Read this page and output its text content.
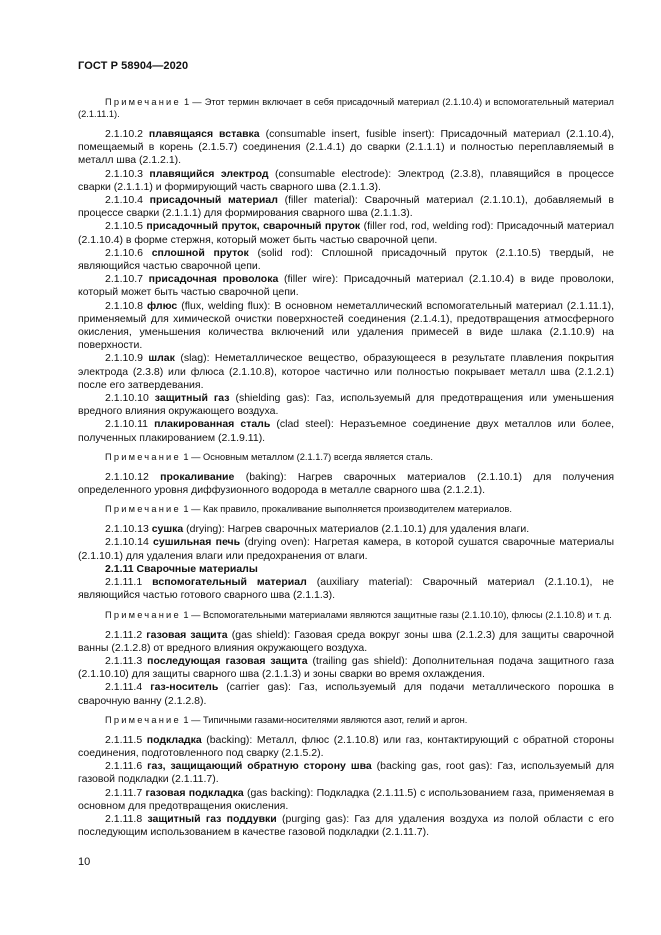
ГОСТ Р 58904—2020

Примечание 1 — Этот термин включает в себя присадочный материал (2.1.10.4) и вспомогательный материал (2.1.11.1).

2.1.10.2 плавящаяся вставка (consumable insert, fusible insert): Присадочный материал (2.1.10.4), помещаемый в корень (2.1.5.7) соединения (2.1.4.1) до сварки (2.1.1.1) и полностью переплавляемый в металл шва (2.1.2.1).

2.1.10.3 плавящийся электрод (consumable electrode): Электрод (2.3.8), плавящийся в процессе сварки (2.1.1.1) и формирующий часть сварного шва (2.1.1.3).

2.1.10.4 присадочный материал (filler material): Сварочный материал (2.1.10.1), добавляемый в процессе сварки (2.1.1.1) для формирования сварного шва (2.1.1.3).

2.1.10.5 присадочный пруток, сварочный пруток (filler rod, rod, welding rod): Присадочный материал (2.1.10.4) в форме стержня, который может быть частью сварочной цепи.

2.1.10.6 сплошной пруток (solid rod): Сплошной присадочный пруток (2.1.10.5) твердый, не являющийся частью сварочной цепи.

2.1.10.7 присадочная проволока (filler wire): Присадочный материал (2.1.10.4) в виде проволоки, который может быть частью сварочной цепи.

2.1.10.8 флюс (flux, welding flux): В основном неметаллический вспомогательный материал (2.1.11.1), применяемый для химической очистки поверхностей соединения (2.1.4.1), предотвращения атмосферного окисления, уменьшения количества включений или удаления примесей в виде шлака (2.1.10.9) на поверхности.

2.1.10.9 шлак (slag): Неметаллическое вещество, образующееся в результате плавления покрытия электрода (2.3.8) или флюса (2.1.10.8), которое частично или полностью покрывает металл шва (2.1.2.1) после его затвердевания.

2.1.10.10 защитный газ (shielding gas): Газ, используемый для предотвращения или уменьшения вредного влияния окружающего воздуха.

2.1.10.11 плакированная сталь (clad steel): Неразъемное соединение двух металлов или более, полученных плакированием (2.1.9.11).

Примечание 1 — Основным металлом (2.1.1.7) всегда является сталь.

2.1.10.12 прокаливание (baking): Нагрев сварочных материалов (2.1.10.1) для получения определенного уровня диффузионного водорода в металле сварного шва (2.1.2.1).

Примечание 1 — Как правило, прокаливание выполняется производителем материалов.

2.1.10.13 сушка (drying): Нагрев сварочных материалов (2.1.10.1) для удаления влаги.

2.1.10.14 сушильная печь (drying oven): Нагретая камера, в которой сушатся сварочные материалы (2.1.10.1) для удаления влаги или предохранения от влаги.

2.1.11 Сварочные материалы

2.1.11.1 вспомогательный материал (auxiliary material): Сварочный материал (2.1.10.1), не являющийся частью готового сварного шва (2.1.1.3).

Примечание 1 — Вспомогательными материалами являются защитные газы (2.1.10.10), флюсы (2.1.10.8) и т. д.

2.1.11.2 газовая защита (gas shield): Газовая среда вокруг зоны шва (2.1.2.3) для защиты сварочной ванны (2.1.2.8) от вредного влияния окружающего воздуха.

2.1.11.3 последующая газовая защита (trailing gas shield): Дополнительная подача защитного газа (2.1.10.10) для защиты сварного шва (2.1.1.3) и зоны сварки во время охлаждения.

2.1.11.4 газ-носитель (carrier gas): Газ, используемый для подачи металлического порошка в сварочную ванну (2.1.2.8).

Примечание 1 — Типичными газами-носителями являются азот, гелий и аргон.

2.1.11.5 подкладка (backing): Металл, флюс (2.1.10.8) или газ, контактирующий с обратной стороны соединения, подготовленного под сварку (2.1.5.2).

2.1.11.6 газ, защищающий обратную сторону шва (backing gas, root gas): Газ, используемый для газовой подкладки (2.1.11.7).

2.1.11.7 газовая подкладка (gas backing): Подкладка (2.1.11.5) с использованием газа, применяемая в основном для предотвращения окисления.

2.1.11.8 защитный газ поддувки (purging gas): Газ для удаления воздуха из полой области с его последующим использованием в качестве газовой подкладки (2.1.11.7).

10
